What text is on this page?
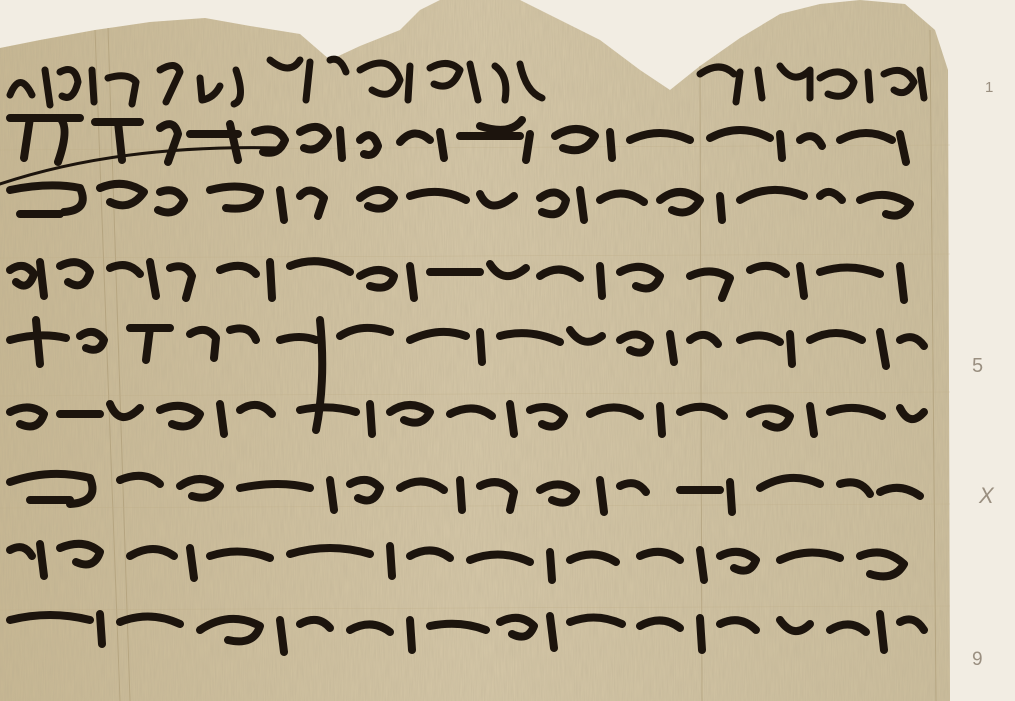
1
5
X
9
